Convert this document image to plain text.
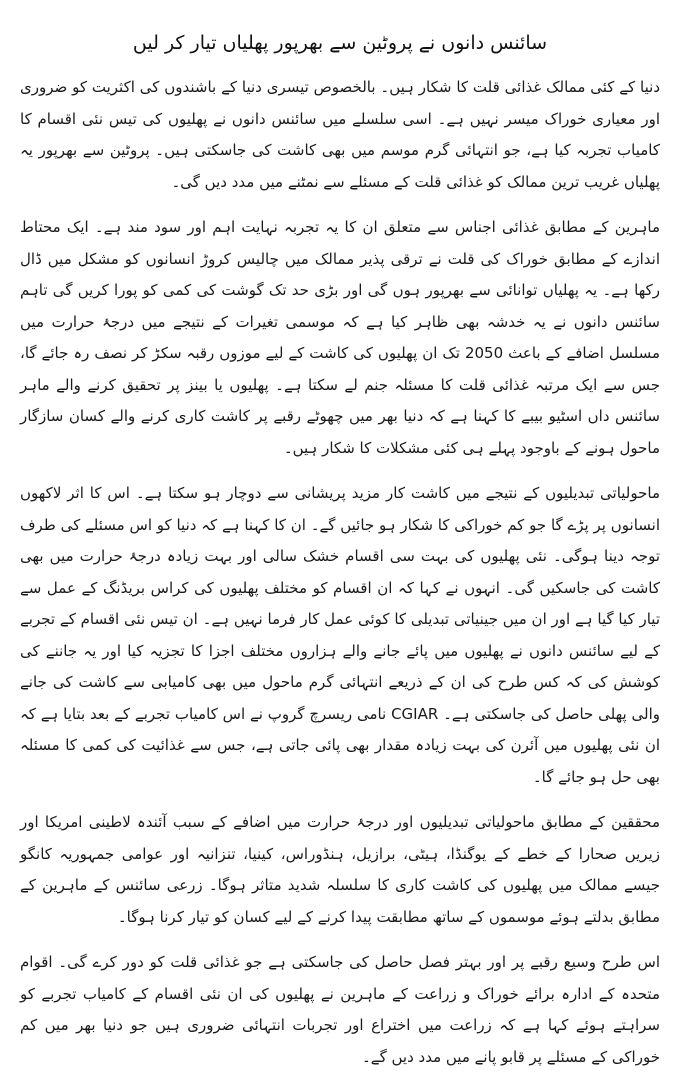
سائنس دانوں نے پروٹین سے بھرپور پھلیاں تیار کر لیں

دنیا کے کئی ممالک غذائی قلت کا شکار ہیں۔ بالخصوص تیسری دنیا کے باشندوں کی اکثریت کو ضروری اور معیاری خوراک میسر نہیں ہے۔ اسی سلسلے میں سائنس دانوں نے پھلیوں کی تیس نئی اقسام کا کامیاب تجربہ کیا ہے، جو انتہائی گرم موسم میں بھی کاشت کی جاسکتی ہیں۔ پروٹین سے بھرپور یہ پھلیاں غریب ترین ممالک کو غذائی قلت کے مسئلے سے نمٹنے میں مدد دیں گی۔

ماہرین کے مطابق غذائی اجناس سے متعلق ان کا یہ تجربہ نہایت اہم اور سود مند ہے۔ ایک محتاط اندازے کے مطابق خوراک کی قلت نے ترقی پذیر ممالک میں چالیس کروڑ انسانوں کو مشکل میں ڈال رکھا ہے۔ یہ پھلیاں توانائی سے بھرپور ہوں گی اور بڑی حد تک گوشت کی کمی کو پورا کریں گی تاہم سائنس دانوں نے یہ خدشہ بھی ظاہر کیا ہے کہ موسمی تغیرات کے نتیجے میں درجۂ حرارت میں مسلسل اضافے کے باعث 2050 تک ان پھلیوں کی کاشت کے لیے موزوں رقبہ سکڑ کر نصف رہ جائے گا، جس سے ایک مرتبہ غذائی قلت کا مسئلہ جنم لے سکتا ہے۔ پھلیوں یا بینز پر تحقیق کرنے والے ماہر سائنس داں اسٹیو بیبے کا کہنا ہے کہ دنیا بھر میں چھوٹے رقبے پر کاشت کاری کرنے والے کسان سازگار ماحول ہونے کے باوجود پہلے ہی کئی مشکلات کا شکار ہیں۔

ماحولیاتی تبدیلیوں کے نتیجے میں کاشت کار مزید پریشانی سے دوچار ہو سکتا ہے۔ اس کا اثر لاکھوں انسانوں پر پڑے گا جو کم خوراکی کا شکار ہو جائیں گے۔ ان کا کہنا ہے کہ دنیا کو اس مسئلے کی طرف توجہ دینا ہوگی۔ نئی پھلیوں کی بہت سی اقسام خشک سالی اور بہت زیادہ درجۂ حرارت میں بھی کاشت کی جاسکیں گی۔ انہوں نے کہا کہ ان اقسام کو مختلف پھلیوں کی کراس بریڈنگ کے عمل سے تیار کیا گیا ہے اور ان میں جینیاتی تبدیلی کا کوئی عمل کار فرما نہیں ہے۔ ان تیس نئی اقسام کے تجربے کے لیے سائنس دانوں نے پھلیوں میں پائے جانے والے ہزاروں مختلف اجزا کا تجزیہ کیا اور یہ جاننے کی کوشش کی کہ کس طرح کی ان کے ذریعے انتہائی گرم ماحول میں بھی کامیابی سے کاشت کی جانے والی پھلی حاصل کی جاسکتی ہے۔ CGIAR نامی ریسرچ گروپ نے اس کامیاب تجربے کے بعد بتایا ہے کہ ان نئی پھلیوں میں آئرن کی بہت زیادہ مقدار بھی پائی جاتی ہے، جس سے غذائیت کی کمی کا مسئلہ بھی حل ہو جائے گا۔

محققین کے مطابق ماحولیاتی تبدیلیوں اور درجۂ حرارت میں اضافے کے سبب آئندہ لاطینی امریکا اور زیریں صحارا کے خطے کے یوگنڈا، ہیٹی، برازیل، ہنڈوراس، کینیا، تنزانیہ اور عوامی جمہوریہ کانگو جیسے ممالک میں پھلیوں کی کاشت کاری کا سلسلہ شدید متاثر ہوگا۔ زرعی سائنس کے ماہرین کے مطابق بدلتے ہوئے موسموں کے ساتھ مطابقت پیدا کرنے کے لیے کسان کو تیار کرنا ہوگا۔

اس طرح وسیع رقبے پر اور بہتر فصل حاصل کی جاسکتی ہے جو غذائی قلت کو دور کرے گی۔ اقوام متحدہ کے ادارہ برائے خوراک و زراعت کے ماہرین نے پھلیوں کی ان نئی اقسام کے کامیاب تجربے کو سراہتے ہوئے کہا ہے کہ زراعت میں اختراع اور تجربات انتہائی ضروری ہیں جو دنیا بھر میں کم خوراکی کے مسئلے پر قابو پانے میں مدد دیں گے۔
